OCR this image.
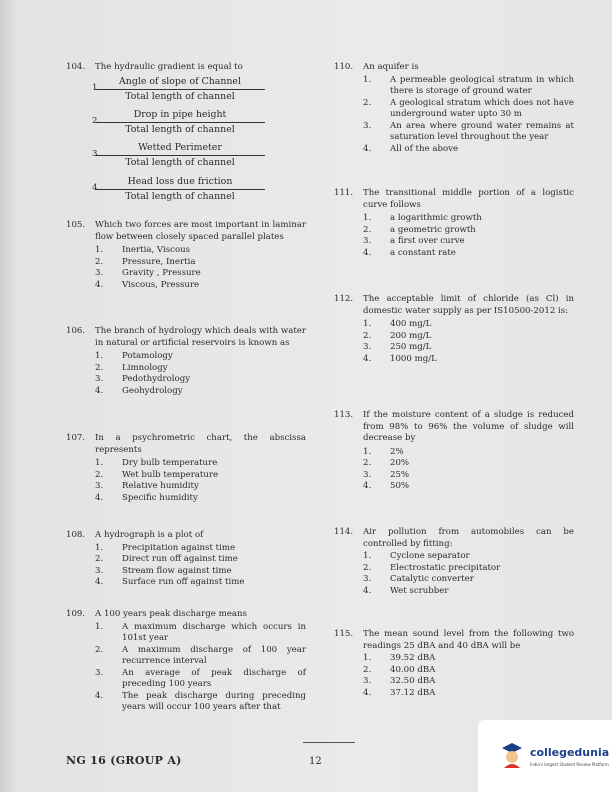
104. The hydraulic gradient is equal to
1.
Angle of slope of Channel
Total length of channel
2.
Drop in pipe height
Total length of channel
3.
Wetted Perimeter
Total length of channel
4.
Head loss due friction
Total length of channel
105. Which two forces are most important in laminar flow between closely spaced parallel plates
1. Inertia, Viscous
2. Pressure, Inertia
3. Gravity , Pressure
4. Viscous, Pressure
106. The branch of hydrology which deals with water in natural or artificial reservoirs is known as
1. Potamology
2. Limnology
3. Pedothydrology
4. Geohydrology
107. In a psychrometric chart, the abscissa represents
1. Dry bulb temperature
2. Wet bulb temperature
3. Relative humidity
4. Specific humidity
108. A hydrograph is a plot of
1. Precipitation against time
2. Direct run off against time
3. Stream flow against time
4. Surface run off against time
109. A 100 years peak discharge means
1. A maximum discharge which occurs in 101st year
2. A maximum discharge of 100 year recurrence interval
3. An average of peak discharge of preceding 100 years
4. The peak discharge during preceding years will occur 100 years after that
110. An aquifer is
1. A permeable geological stratum in which there is storage of ground water
2. A geological stratum which does not have underground water upto 30 m
3. An area where ground water remains at saturation level throughout the year
4. All of the above
111. The transitional middle portion of a logistic curve follows
1. a logarithmic growth
2. a geometric growth
3. a first over curve
4. a constant rate
112. The acceptable limit of chloride (as Cl) in domestic water supply as per IS10500-2012 is:
1. 400 mg/L
2. 200 mg/L
3. 250 mg/L
4. 1000 mg/L
113. If the moisture content of a sludge is reduced from 98% to 96% the volume of sludge will decrease by
1. 2%
2. 20%
3. 25%
4. 50%
114. Air pollution from automobiles can be controlled by fitting:
1. Cyclone separator
2. Electrostatic precipitator
3. Catalytic converter
4. Wet scrubber
115. The mean sound level from the following two readings 25 dBA and 40 dBA will be
1. 39.52 dBA
2. 40.00 dBA
3. 32.50 dBA
4. 37.12 dBA
NG 16 (GROUP A)	12
collegedunia
India's largest Student Review Platform
